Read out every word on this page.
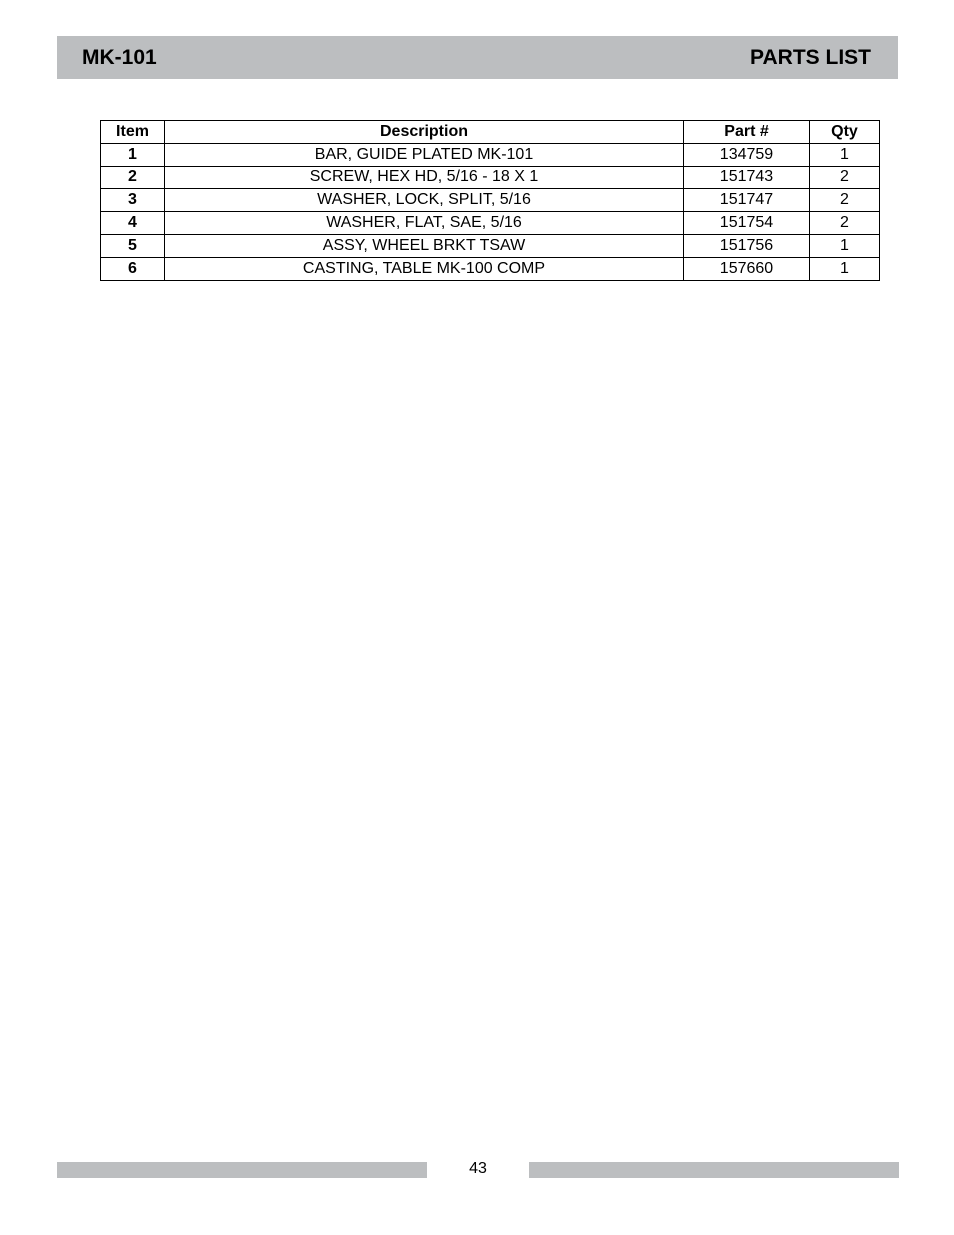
MK-101	PARTS LIST
Item	Description	Part #	Qty
1	BAR, GUIDE PLATED MK-101	134759	1
2	SCREW, HEX HD, 5/16 - 18 X 1	151743	2
3	WASHER, LOCK, SPLIT, 5/16	151747	2
4	WASHER, FLAT, SAE, 5/16	151754	2
5	ASSY, WHEEL BRKT TSAW	151756	1
6	CASTING, TABLE MK-100 COMP	157660	1
43
